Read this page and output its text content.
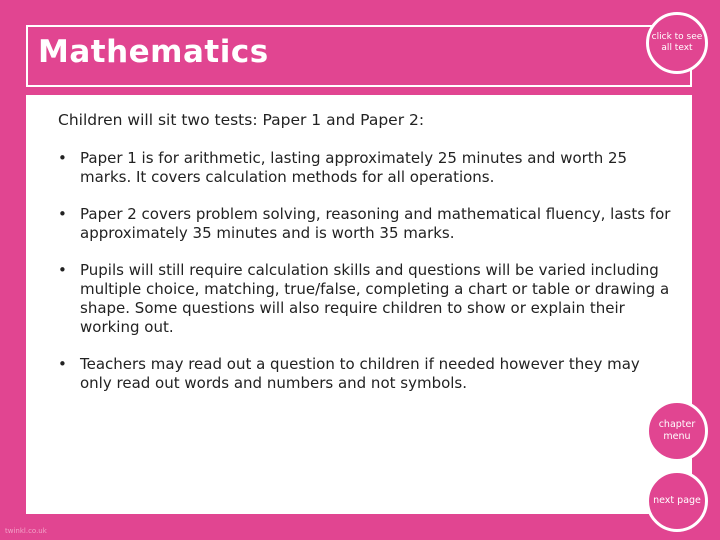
Mathematics	click to see all text
Children will sit two tests: Paper 1 and Paper 2:
• Paper 1 is for arithmetic, lasting approximately 25 minutes and worth 25 marks. It covers calculation methods for all operations.
• Paper 2 covers problem solving, reasoning and mathematical fluency, lasts for approximately 35 minutes and is worth 35 marks.
• Pupils will still require calculation skills and questions will be varied including multiple choice, matching, true/false, completing a chart or table or drawing a shape. Some questions will also require children to show or explain their working out.
• Teachers may read out a question to children if needed however they may only read out words and numbers and not symbols.
chapter menu
next page
twinkl.co.uk
